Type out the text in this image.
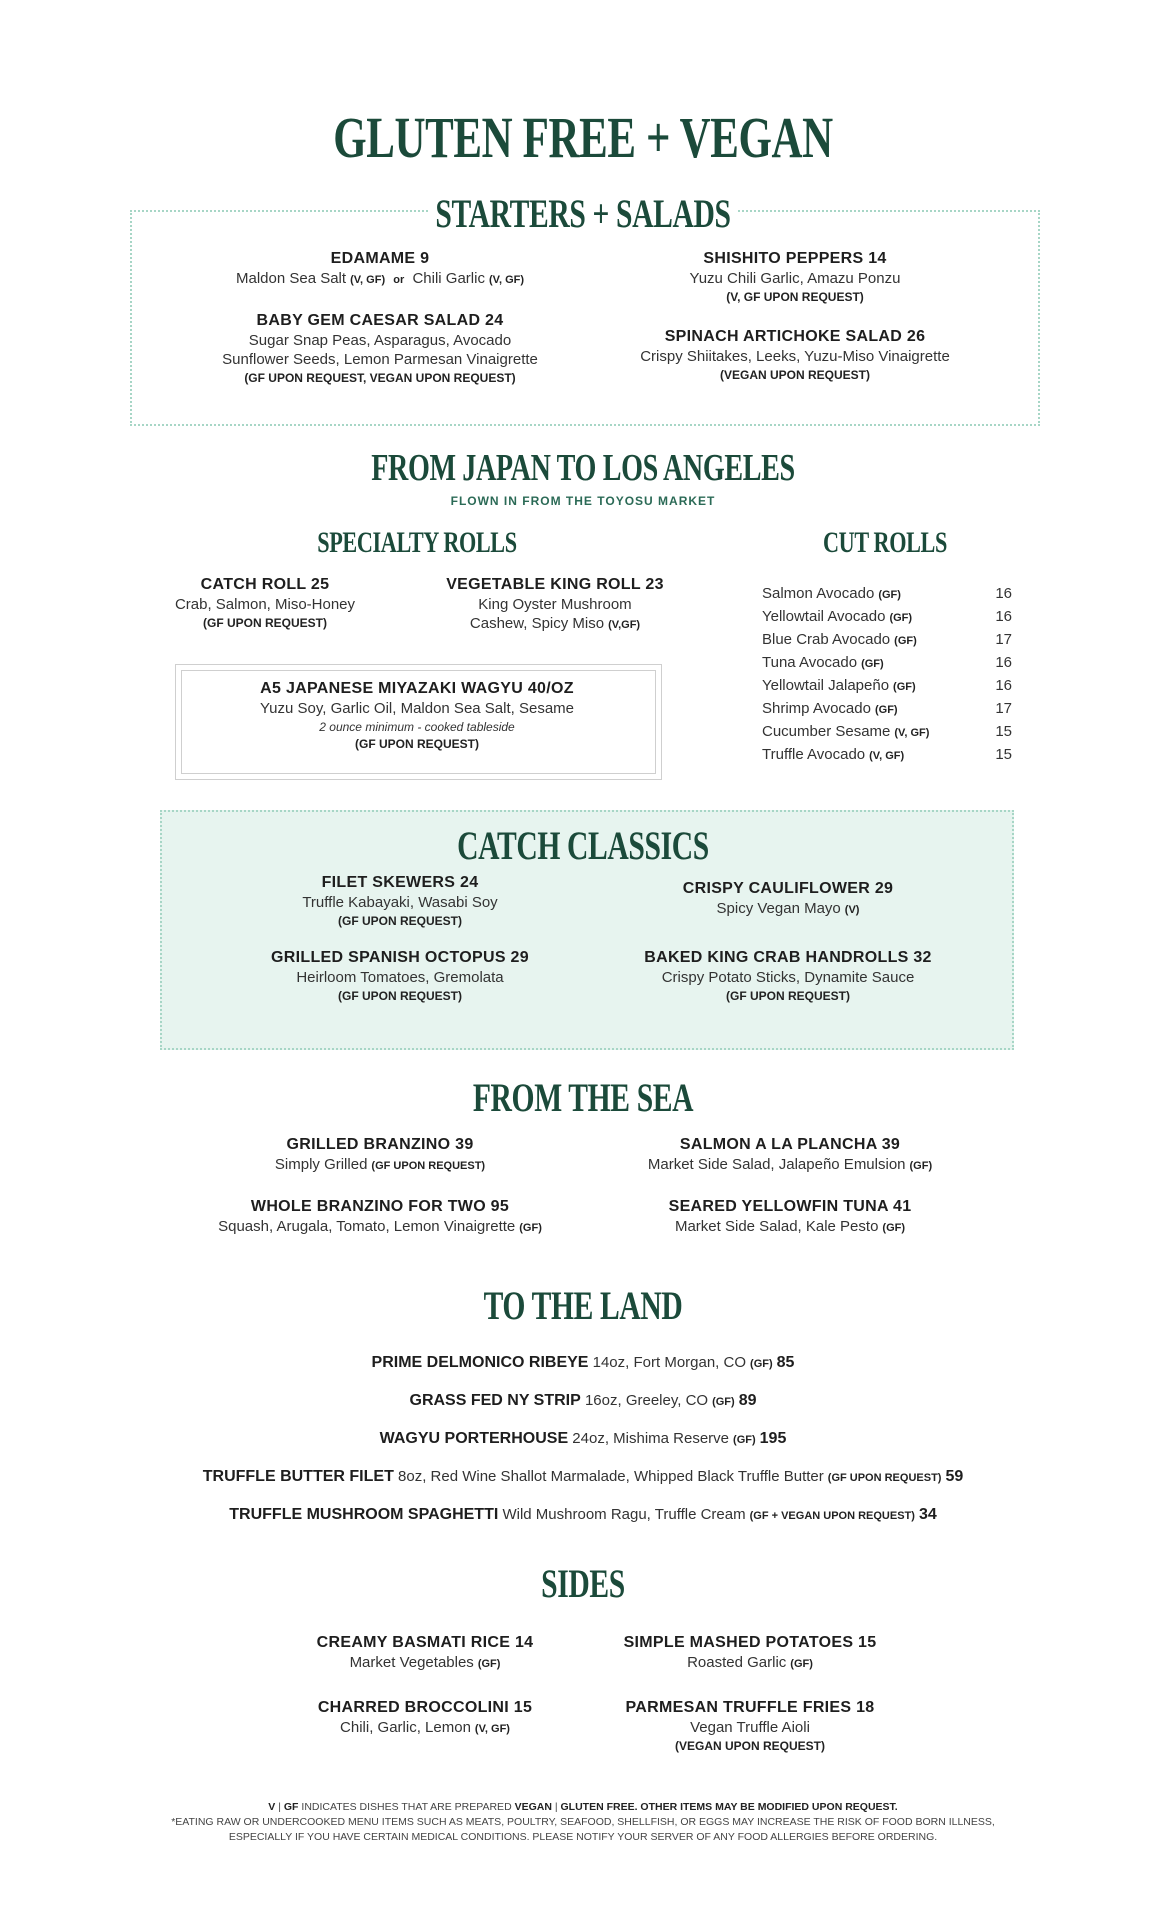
GLUTEN FREE + VEGAN
STARTERS + SALADS
EDAMAME 9
Maldon Sea Salt (V, GF) or Chili Garlic (V, GF)
BABY GEM CAESAR SALAD 24
Sugar Snap Peas, Asparagus, Avocado
Sunflower Seeds, Lemon Parmesan Vinaigrette
(GF UPON REQUEST, VEGAN UPON REQUEST)
SHISHITO PEPPERS 14
Yuzu Chili Garlic, Amazu Ponzu
(V, GF UPON REQUEST)
SPINACH ARTICHOKE SALAD 26
Crispy Shiitakes, Leeks, Yuzu-Miso Vinaigrette
(VEGAN UPON REQUEST)
FROM JAPAN TO LOS ANGELES
FLOWN IN FROM THE TOYOSU MARKET
SPECIALTY ROLLS	CUT ROLLS
CATCH ROLL 25
Crab, Salmon, Miso-Honey
(GF UPON REQUEST)
VEGETABLE KING ROLL 23
King Oyster Mushroom
Cashew, Spicy Miso (V,GF)
A5 JAPANESE MIYAZAKI WAGYU 40/OZ
Yuzu Soy, Garlic Oil, Maldon Sea Salt, Sesame
2 ounce minimum - cooked tableside
(GF UPON REQUEST)
Salmon Avocado (GF)	16
Yellowtail Avocado (GF)	16
Blue Crab Avocado (GF)	17
Tuna Avocado (GF)	16
Yellowtail Jalapeño (GF)	16
Shrimp Avocado (GF)	17
Cucumber Sesame (V, GF)	15
Truffle Avocado (V, GF)	15
CATCH CLASSICS
FILET SKEWERS 24
Truffle Kabayaki, Wasabi Soy
(GF UPON REQUEST)
CRISPY CAULIFLOWER 29
Spicy Vegan Mayo (V)
GRILLED SPANISH OCTOPUS 29
Heirloom Tomatoes, Gremolata
(GF UPON REQUEST)
BAKED KING CRAB HANDROLLS 32
Crispy Potato Sticks, Dynamite Sauce
(GF UPON REQUEST)
FROM THE SEA
GRILLED BRANZINO 39
Simply Grilled (GF UPON REQUEST)
SALMON A LA PLANCHA 39
Market Side Salad, Jalapeño Emulsion (GF)
WHOLE BRANZINO FOR TWO 95
Squash, Arugala, Tomato, Lemon Vinaigrette (GF)
SEARED YELLOWFIN TUNA 41
Market Side Salad, Kale Pesto (GF)
TO THE LAND
PRIME DELMONICO RIBEYE 14oz, Fort Morgan, CO (GF) 85
GRASS FED NY STRIP 16oz, Greeley, CO (GF) 89
WAGYU PORTERHOUSE 24oz, Mishima Reserve (GF) 195
TRUFFLE BUTTER FILET 8oz, Red Wine Shallot Marmalade, Whipped Black Truffle Butter (GF UPON REQUEST) 59
TRUFFLE MUSHROOM SPAGHETTI Wild Mushroom Ragu, Truffle Cream (GF + VEGAN UPON REQUEST) 34
SIDES
CREAMY BASMATI RICE 14
Market Vegetables (GF)
SIMPLE MASHED POTATOES 15
Roasted Garlic (GF)
CHARRED BROCCOLINI 15
Chili, Garlic, Lemon (V, GF)
PARMESAN TRUFFLE FRIES 18
Vegan Truffle Aioli
(VEGAN UPON REQUEST)
V | GF INDICATES DISHES THAT ARE PREPARED VEGAN | GLUTEN FREE. OTHER ITEMS MAY BE MODIFIED UPON REQUEST.
*EATING RAW OR UNDERCOOKED MENU ITEMS SUCH AS MEATS, POULTRY, SEAFOOD, SHELLFISH, OR EGGS MAY INCREASE THE RISK OF FOOD BORN ILLNESS,
ESPECIALLY IF YOU HAVE CERTAIN MEDICAL CONDITIONS. PLEASE NOTIFY YOUR SERVER OF ANY FOOD ALLERGIES BEFORE ORDERING.
